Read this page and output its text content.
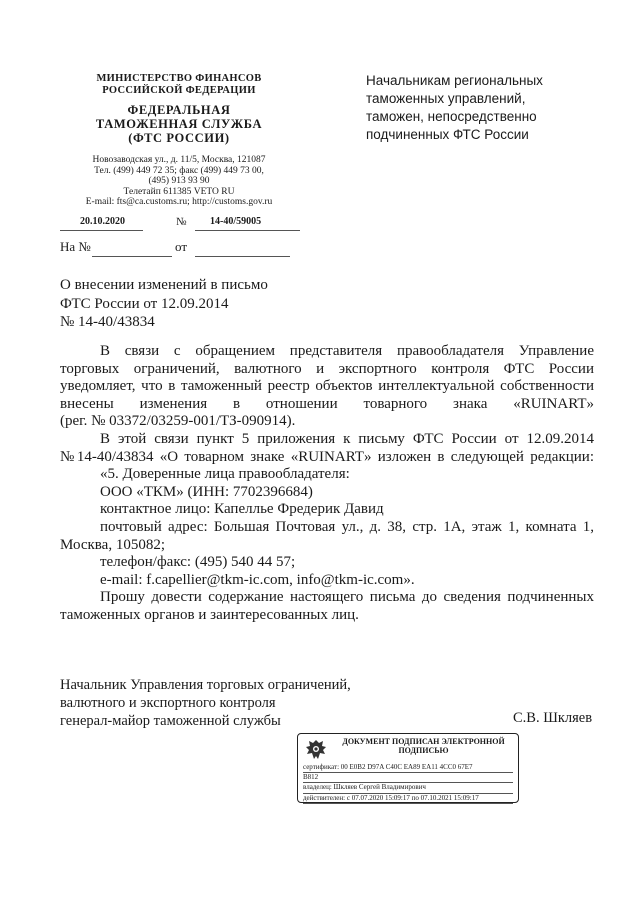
МИНИСТЕРСТВО ФИНАНСОВ
РОССИЙСКОЙ ФЕДЕРАЦИИ
ФЕДЕРАЛЬНАЯ
ТАМОЖЕННАЯ СЛУЖБА
(ФТС РОССИИ)
Новозаводская ул., д. 11/5, Москва, 121087
Тел. (499) 449 72 35; факс (499) 449 73 00,
(495) 913 93 90
Телетайп 611385 VETO RU
E-mail: fts@ca.customs.ru; http://customs.gov.ru
20.10.2020	№ 14-40/59005
На №	от
Начальникам региональных
таможенных управлений,
таможен, непосредственно
подчиненных ФТС России
О внесении изменений в письмо
ФТС России от 12.09.2014
№ 14-40/43834

В связи с обращением представителя правообладателя Управление

торговых ограничений, валютного и экспортного контроля ФТС России

уведомляет, что в таможенный реестр объектов интеллектуальной собственности

внесены изменения в отношении товарного знака «RUINART»

(рег. № 03372/03259-001/ТЗ-090914).

В этой связи пункт 5 приложения к письму ФТС России от 12.09.2014

№14-40/43834 «О товарном знаке «RUINART» изложен в следующей редакции:

«5. Доверенные лица правообладателя:

ООО «ТКМ» (ИНН: 7702396684)

контактное лицо: Капеллье Фредерик Давид

почтовый адрес: Большая Почтовая ул., д. 38, стр. 1А, этаж 1, комната 1,

Москва, 105082;

телефон/факс: (495) 540 44 57;

e-mail: f.capellier@tkm-ic.com, info@tkm-ic.com».

Прошу довести содержание настоящего письма до сведения подчиненных

таможенных органов и заинтересованных лиц.

Начальник Управления торговых ограничений,
валютного и экспортного контроля
генерал-майор таможенной службы	С.В. Шкляев
ДОКУМЕНТ ПОДПИСАН ЭЛЕКТРОННОЙ
ПОДПИСЬЮ
сертификат: 00 E0B2 D97A C40C EA89 EA11 4CC0 67E7
B812
владелец: Шкляев Сергей Владимирович
действителен: с 07.07.2020 15:09:17 по 07.10.2021 15:09:17
